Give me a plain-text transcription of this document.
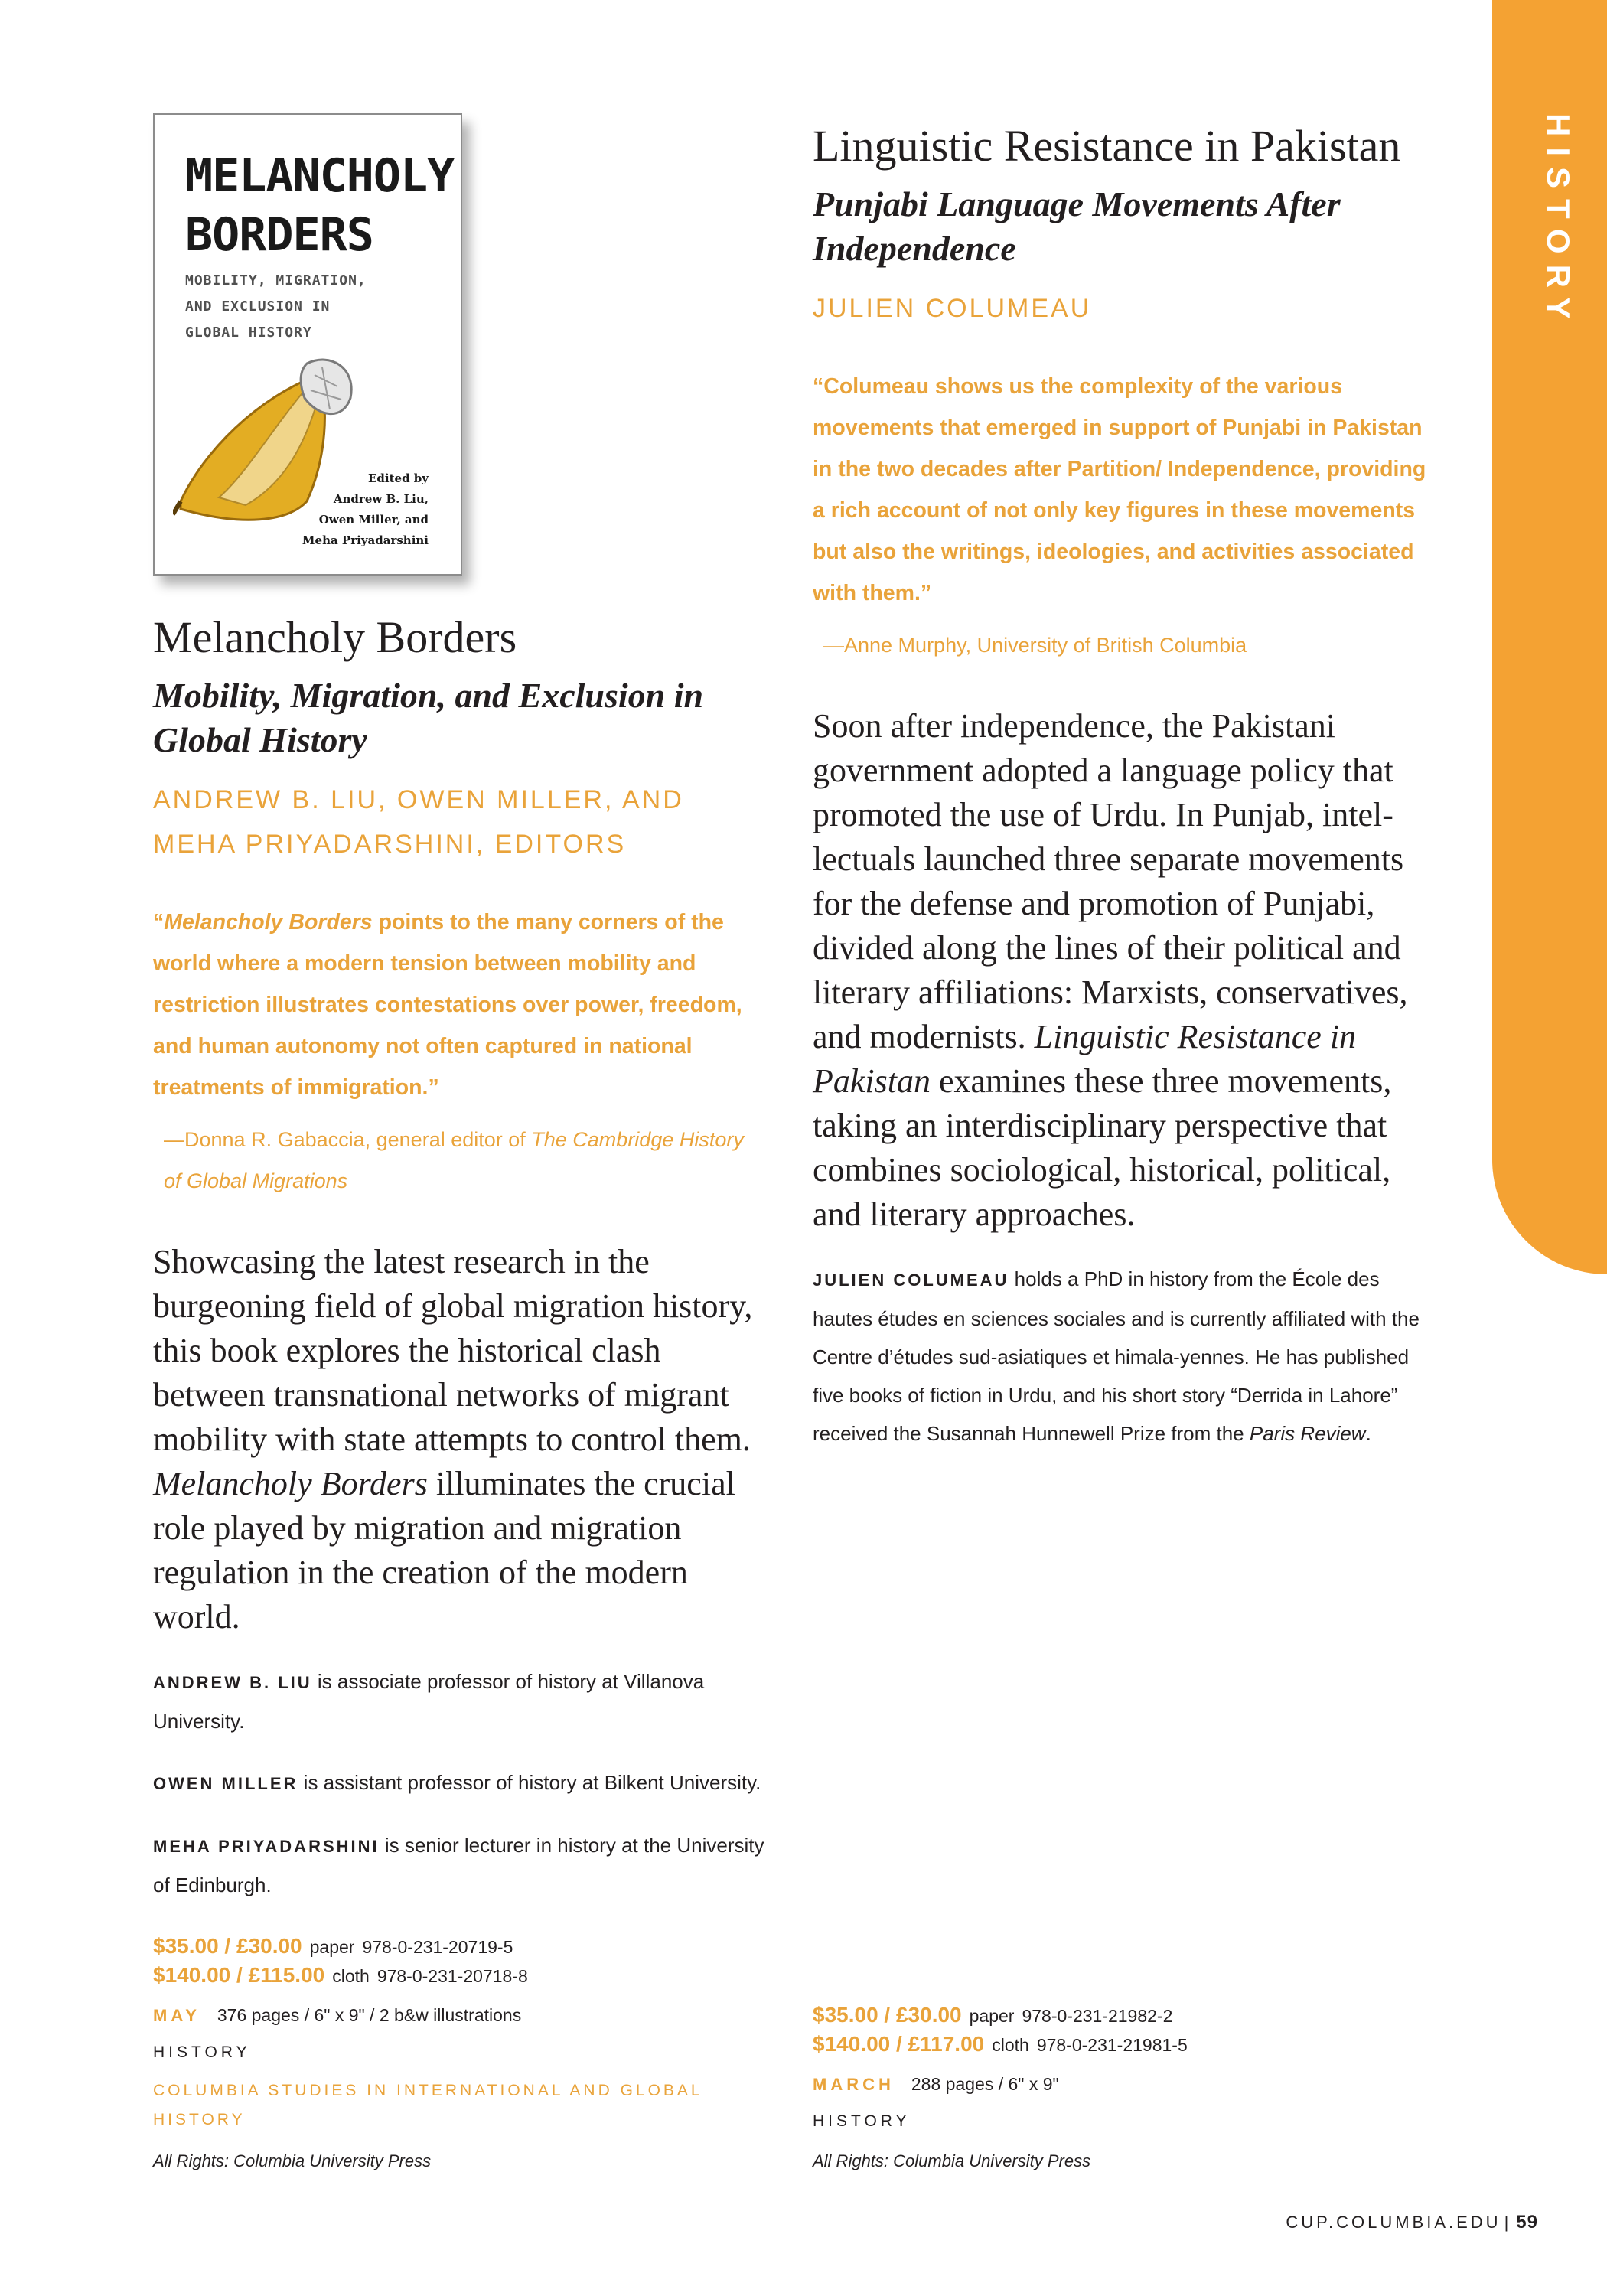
HISTORY
MELANCHOLY
BORDERS
MOBILITY, MIGRATION,
AND EXCLUSION IN
GLOBAL HISTORY
Edited by
Andrew B. Liu,
Owen Miller, and
Meha Priyadarshini
Melancholy Borders
Mobility, Migration, and Exclusion in Global History
ANDREW B. LIU, OWEN MILLER, AND
MEHA PRIYADARSHINI, EDITORS
“Melancholy Borders points to the many corners of the world where a modern tension between mobility and restriction illustrates contestations over power, freedom, and human autonomy not often captured in national treatments of immigration.”
—Donna R. Gabaccia, general editor of The Cambridge History of Global Migrations
Showcasing the latest research in the burgeoning field of global migration history, this book explores the historical clash between transnational networks of migrant mobility with state attempts to control them. Melancholy Borders illuminates the crucial role played by migration and migration regulation in the creation of the modern world.
ANDREW B. LIU is associate professor of history at Villanova University.
OWEN MILLER is assistant professor of history at Bilkent University.
MEHA PRIYADARSHINI is senior lecturer in history at the University of Edinburgh.
$35.00 / £30.00 paper 978-0-231-20719-5
$140.00 / £115.00 cloth 978-0-231-20718-8
MAY 376 pages / 6" x 9" / 2 b&w illustrations
HISTORY
COLUMBIA STUDIES IN INTERNATIONAL AND GLOBAL HISTORY
All Rights: Columbia University Press
Linguistic Resistance in Pakistan
Punjabi Language Movements After Independence
JULIEN COLUMEAU
“Columeau shows us the complexity of the various movements that emerged in support of Punjabi in Pakistan in the two decades after Partition/ Independence, providing a rich account of not only key figures in these movements but also the writings, ideologies, and activities associated with them.”
—Anne Murphy, University of British Columbia
Soon after independence, the Pakistani government adopted a language policy that promoted the use of Urdu. In Punjab, intel-lectuals launched three separate movements for the defense and promotion of Punjabi, divided along the lines of their political and literary affiliations: Marxists, conservatives, and modernists. Linguistic Resistance in Pakistan examines these three movements, taking an interdisciplinary perspective that combines sociological, historical, political, and literary approaches.
JULIEN COLUMEAU holds a PhD in history from the École des hautes études en sciences sociales and is currently affiliated with the Centre d’études sud-asiatiques et himala-yennes. He has published five books of fiction in Urdu, and his short story “Derrida in Lahore” received the Susannah Hunnewell Prize from the Paris Review.
$35.00 / £30.00 paper 978-0-231-21982-2
$140.00 / £117.00 cloth 978-0-231-21981-5
MARCH 288 pages / 6" x 9"
HISTORY
All Rights: Columbia University Press
CUP.COLUMBIA.EDU | 59
